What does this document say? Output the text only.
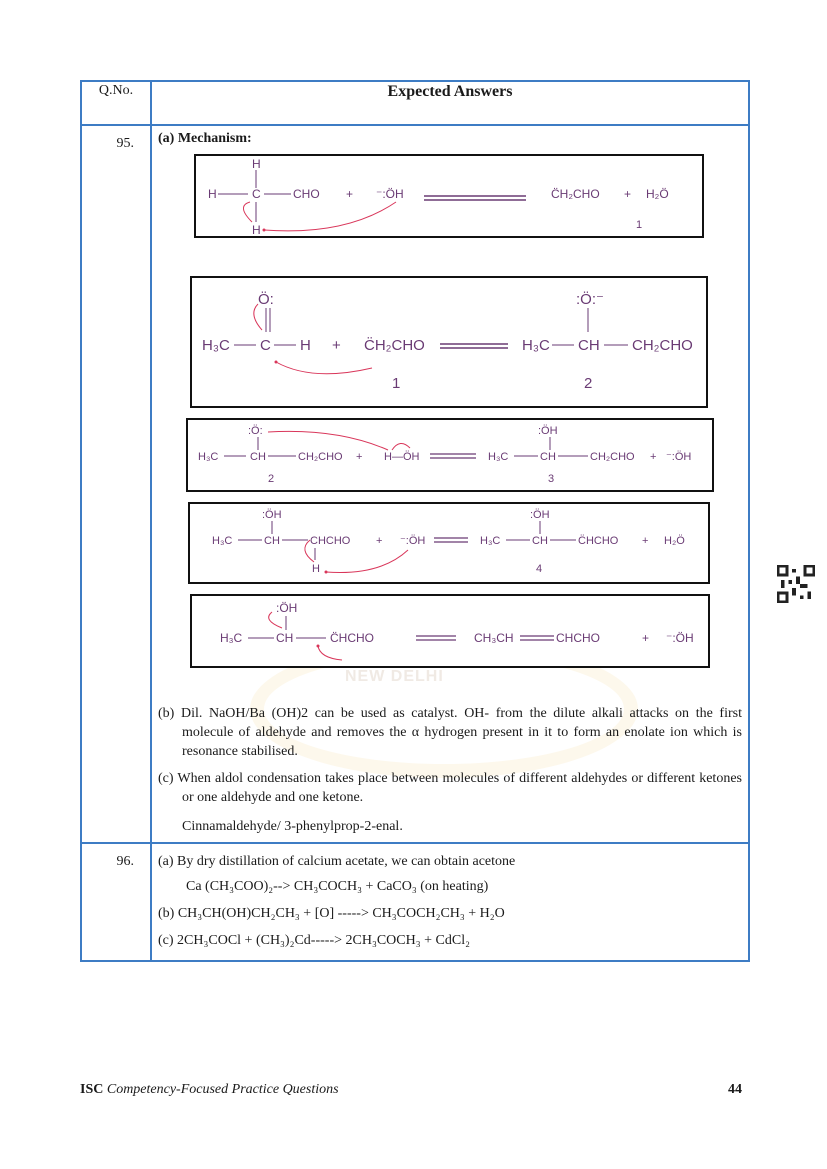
NEW DELHI
Q.No.	Expected Answers
95.	(a) Mechanism:
H
H	C	CHO
H
+ ⁻:ÖH	C̈H₂CHO + H₂Ö
1
Ö:
H₃C C H + C̈H₂CHO
1
:Ö:⁻
H₃C CH CH₂CHO
2
:Ö:
H₃C	CH	CH₂CHO + H—ÖH
2
:ÖH
H₃C	CH	CH₂CHO + ⁻:ÖH
3
:ÖH
H₃C	CH	CHCHO
H
+ ⁻:ÖH
:ÖH
H₃C	CH	C̈HCHO + H₂Ö
4
:ÖH
H₃C	CH	C̈HCHO	CH₃CH	CHCHO	+ ⁻:ÖH

(b) Dil. NaOH/Ba (OH)2 can be used as catalyst. OH- from the dilute alkali attacks on the first molecule of aldehyde and removes the α hydrogen present in it to form an enolate ion which is resonance stabilised.

(c) When aldol condensation takes place between molecules of different aldehydes or different ketones or one aldehyde and one ketone.

Cinnamaldehyde/ 3-phenylprop-2-enal.

96.	(a) By dry distillation of calcium acetate, we can obtain acetone
Ca (CH₃COO)₂--> CH₃COCH₃ + CaCO₃ (on heating)
(b) CH₃CH(OH)CH₂CH₃ + [O] -----> CH₃COCH₂CH₃ + H₂O
(c) 2CH₃COCl + (CH₃)₂Cd-----> 2CH₃COCH₃ + CdCl₂
ISC Competency-Focused Practice Questions	44
